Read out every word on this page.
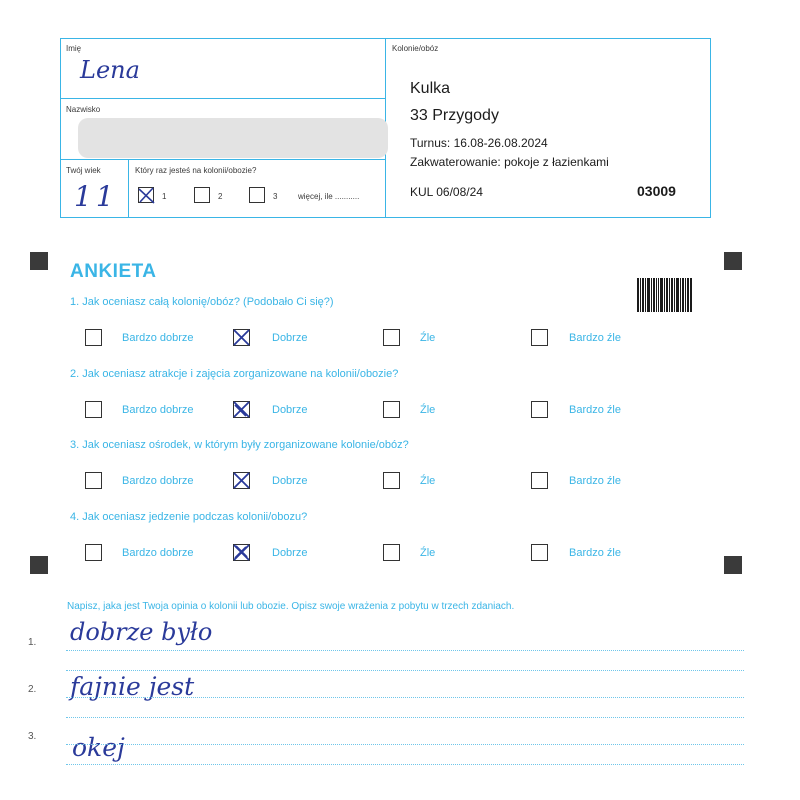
Imię
Lena
Nazwisko
Twój wiek
11
Który raz jesteś na kolonii/obozie?
1	2	3	więcej, ile ...........
Kolonie/obóz
Kulka
33 Przygody
Turnus: 16.08-26.08.2024
Zakwaterowanie: pokoje z łazienkami
KUL 06/08/24	03009
ANKIETA
1. Jak oceniasz całą kolonię/obóz? (Podobało Ci się?)
Bardzo dobrze	Dobrze	Źle	Bardzo źle
2. Jak oceniasz atrakcje i zajęcia zorganizowane na kolonii/obozie?
Bardzo dobrze	Dobrze	Źle	Bardzo źle
3. Jak oceniasz ośrodek, w którym były zorganizowane kolonie/obóz?
Bardzo dobrze	Dobrze	Źle	Bardzo źle
4. Jak oceniasz jedzenie podczas kolonii/obozu?
Bardzo dobrze	Dobrze	Źle	Bardzo źle
Napisz, jaka jest Twoja opinia o kolonii lub obozie. Opisz swoje wrażenia z pobytu w trzech zdaniach.
1. dobrze było
2. fajnie jest
3. okej
